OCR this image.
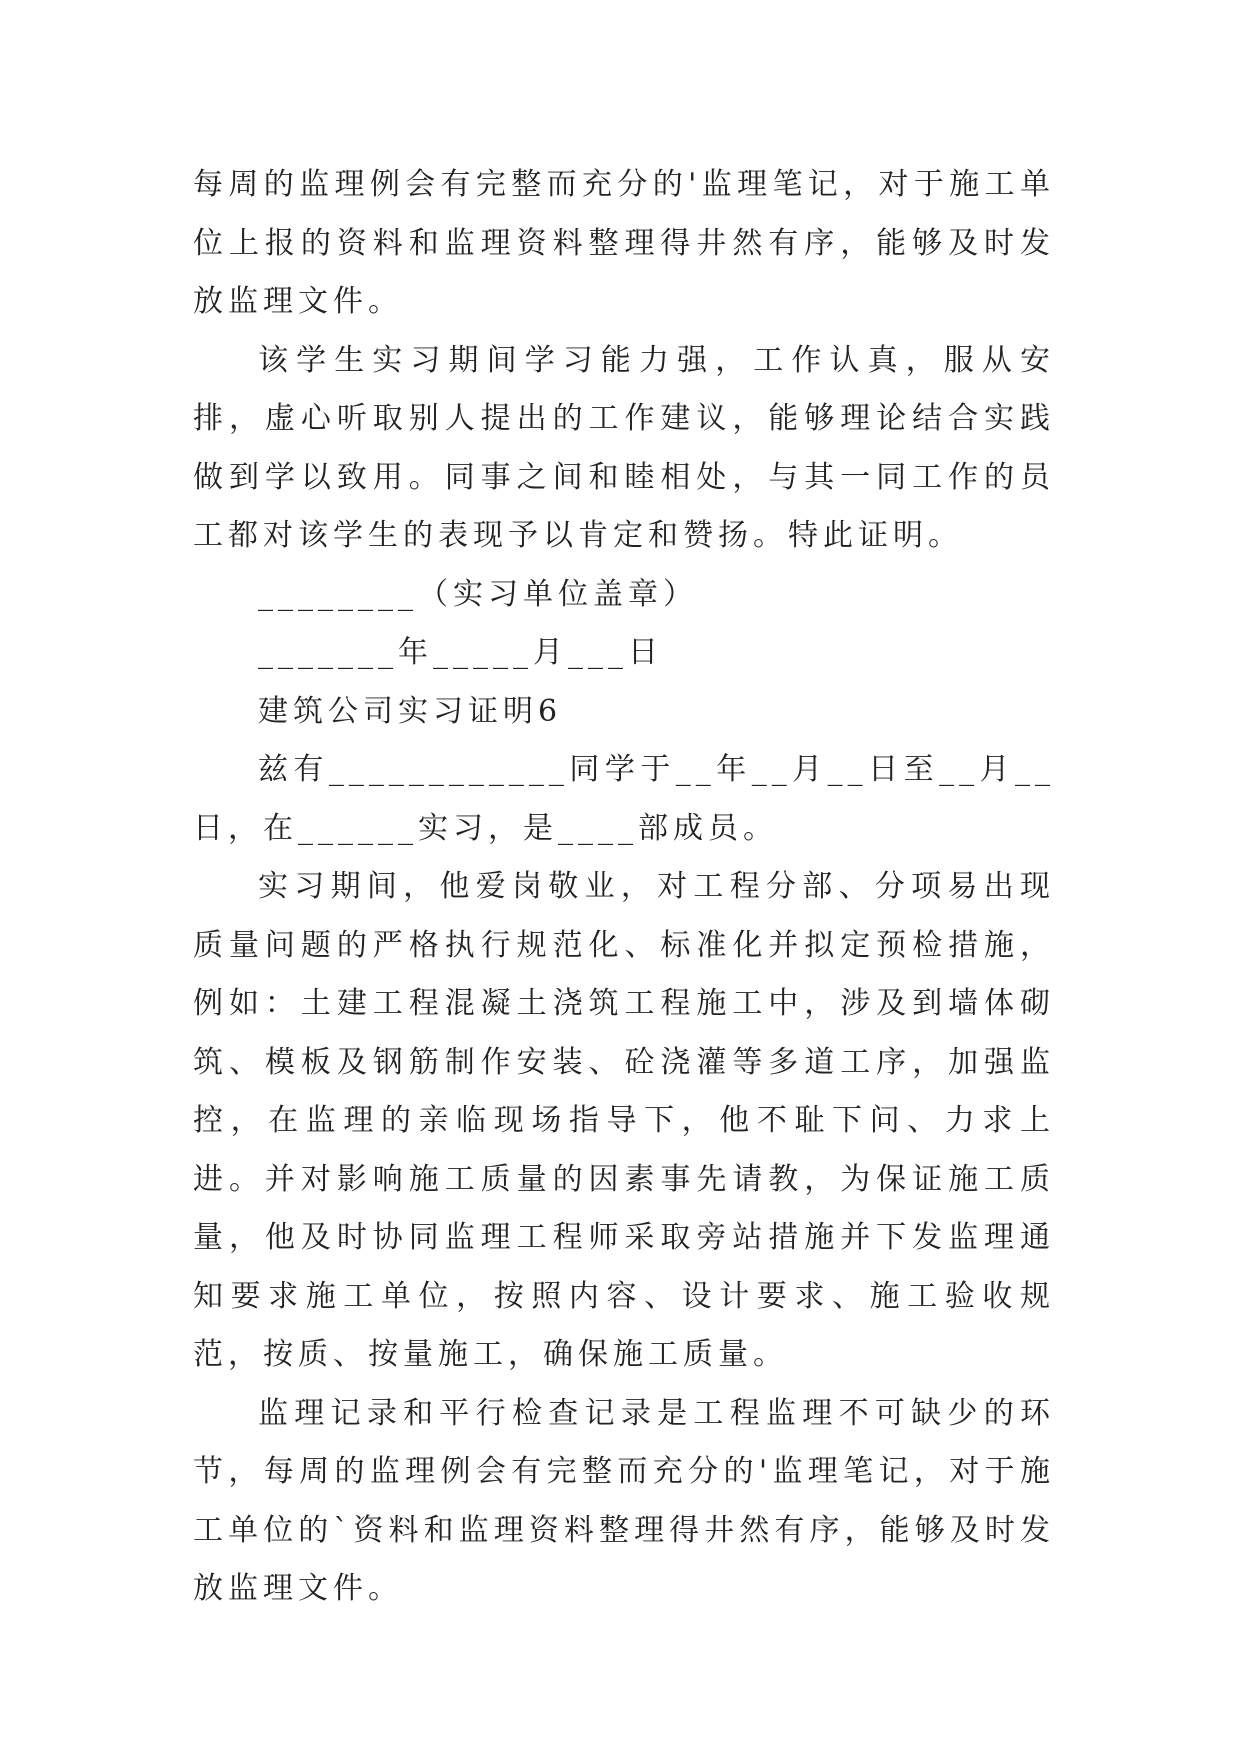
每周的监理例会有完整而充分的'监理笔记，对于施工单位上报的资料和监理资料整理得井然有序，能够及时发放监理文件。

该学生实习期间学习能力强，工作认真，服从安排，虚心听取别人提出的工作建议，能够理论结合实践做到学以致用。同事之间和睦相处，与其一同工作的员工都对该学生的表现予以肯定和赞扬。特此证明。

________（实习单位盖章）

_______年_____月___日

建筑公司实习证明6

兹有____________同学于__年__月__日至__月__日，在______实习，是____部成员。

实习期间，他爱岗敬业，对工程分部、分项易出现质量问题的严格执行规范化、标准化并拟定预检措施，例如：土建工程混凝土浇筑工程施工中，涉及到墙体砌筑、模板及钢筋制作安装、砼浇灌等多道工序，加强监控，在监理的亲临现场指导下，他不耻下问、力求上进。并对影响施工质量的因素事先请教，为保证施工质量，他及时协同监理工程师采取旁站措施并下发监理通知要求施工单位，按照内容、设计要求、施工验收规范，按质、按量施工，确保施工质量。

监理记录和平行检查记录是工程监理不可缺少的环节，每周的监理例会有完整而充分的'监理笔记，对于施工单位的`资料和监理资料整理得井然有序，能够及时发放监理文件。
